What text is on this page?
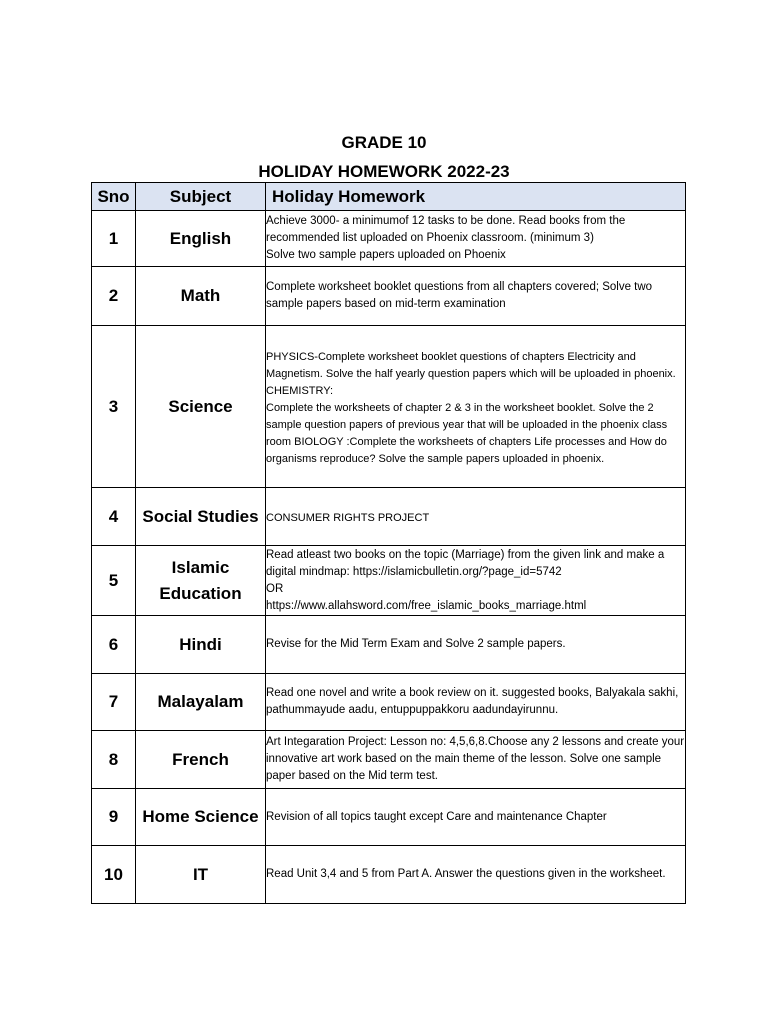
GRADE 10
HOLIDAY HOMEWORK 2022-23
Sno	Subject	Holiday Homework
1	English	Achieve 3000- a minimumof 12 tasks to be done. Read books from the recommended list uploaded on Phoenix classroom. (minimum 3)
Solve two sample papers uploaded on Phoenix
2	Math	Complete worksheet booklet questions from all chapters covered; Solve two sample papers based on mid-term examination
3	Science	PHYSICS-Complete worksheet booklet questions of chapters Electricity and Magnetism. Solve the half yearly question papers which will be uploaded in phoenix. CHEMISTRY:
Complete the worksheets of chapter 2 & 3 in the worksheet booklet. Solve the 2 sample question papers of previous year that will be uploaded in the phoenix class room BIOLOGY :Complete the worksheets of chapters Life processes and How do organisms reproduce? Solve the sample papers uploaded in phoenix.
4	Social Studies	CONSUMER RIGHTS PROJECT
5	Islamic Education	Read atleast two books on the topic (Marriage) from the given link and make a digital mindmap: https://islamicbulletin.org/?page_id=5742
OR
https://www.allahsword.com/free_islamic_books_marriage.html
6	Hindi	Revise for the Mid Term Exam and Solve 2 sample papers.
7	Malayalam	Read one novel and write a book review on it. suggested books, Balyakala sakhi, pathummayude aadu, entuppuppakkoru aadundayirunnu.
8	French	Art Integaration Project: Lesson no: 4,5,6,8.Choose any 2 lessons and create your innovative art work based on the main theme of the lesson. Solve one sample paper based on the Mid term test.
9	Home Science	Revision of all topics taught except Care and maintenance Chapter
10	IT	Read Unit 3,4 and 5 from Part A. Answer the questions given in the worksheet.
